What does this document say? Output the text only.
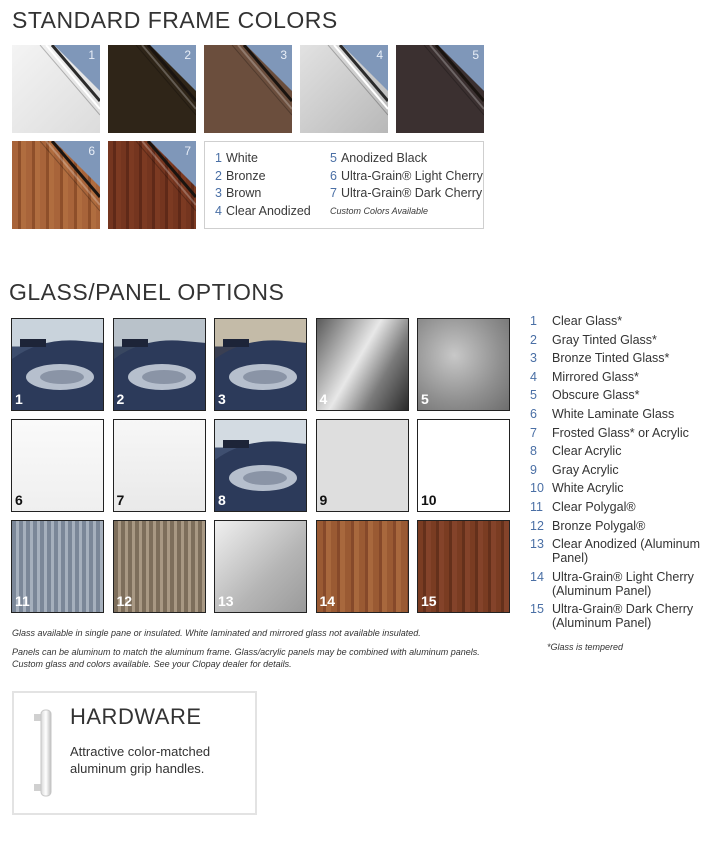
STANDARD FRAME COLORS
1	2	3	4	5
6	7 1 White
2 Bronze
3 Brown
4 Clear Anodized
5 Anodized Black
6 Ultra-Grain® Light Cherry
7 Ultra-Grain® Dark Cherry
Custom Colors Available
GLASS/PANEL OPTIONS
1	2	3	4	5
6	7	8	9	10
11	12	13	14	15
1	Clear Glass*
2	Gray Tinted Glass*
3	Bronze Tinted Glass*
4	Mirrored Glass*
5	Obscure Glass*
6	White Laminate Glass
7	Frosted Glass* or Acrylic
8	Clear Acrylic
9	Gray Acrylic
10 White Acrylic
11 Clear Polygal®
12 Bronze Polygal®
13 Clear Anodized (Aluminum Panel)
14 Ultra-Grain® Light Cherry (Aluminum Panel)
15 Ultra-Grain® Dark Cherry (Aluminum Panel)
*Glass is tempered
Glass available in single pane or insulated. White laminated and mirrored glass not available insulated.
Panels can be aluminum to match the aluminum frame. Glass/acrylic panels may be combined with aluminum panels.
Custom glass and colors available. See your Clopay dealer for details.
HARDWARE
Attractive color-matched aluminum grip handles.
